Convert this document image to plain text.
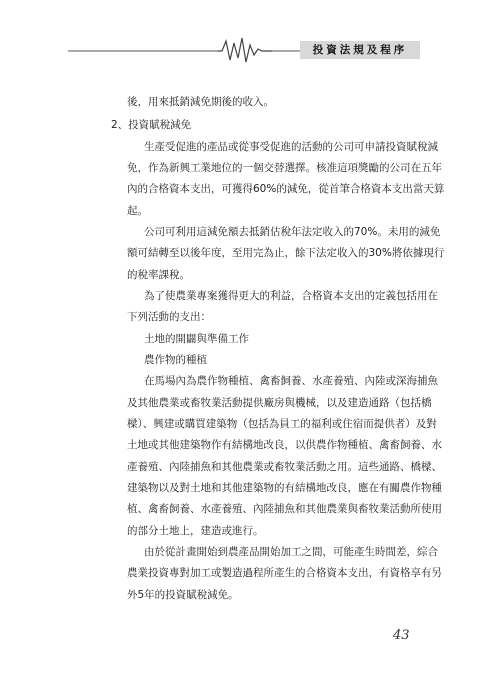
投資法規及程序
後，用來抵銷減免期後的收入。
2、投資賦稅減免
生產受促進的產品或從事受促進的活動的公司可申請投資賦稅減
免，作為新興工業地位的一個交替選擇。核准這項獎勵的公司在五年
內的合格資本支出，可獲得60%的減免，從首筆合格資本支出當天算
起。
公司可利用這減免額去抵銷估稅年法定收入的70%。未用的減免
額可結轉至以後年度，至用完為止，餘下法定收入的30%將依據現行
的稅率課稅。
為了使農業專案獲得更大的利益，合格資本支出的定義包括用在
下列活動的支出：
土地的開闢與準備工作
農作物的種植
在馬場內為農作物種植、禽畜飼養、水產養殖、內陸或深海捕魚
及其他農業或畜牧業活動提供廠房與機械，以及建造通路（包括橋
樑）、興建或購買建築物（包括為員工的福利或住宿而提供者）及對
土地或其他建築物作有結構地改良，以供農作物種植、禽畜飼養、水
產養殖、內陸捕魚和其他農業或畜牧業活動之用。這些通路、橋樑、
建築物以及對土地和其他建築物的有結構地改良，應在有關農作物種
植、禽畜飼養、水產養殖、內陸捕魚和其他農業與畜牧業活動所使用
的部分土地上，建造或進行。
由於從計畫開始到農產品開始加工之間，可能產生時間差，綜合
農業投資專對加工或製造過程所產生的合格資本支出，有資格享有另
外5年的投資賦稅減免。
43
